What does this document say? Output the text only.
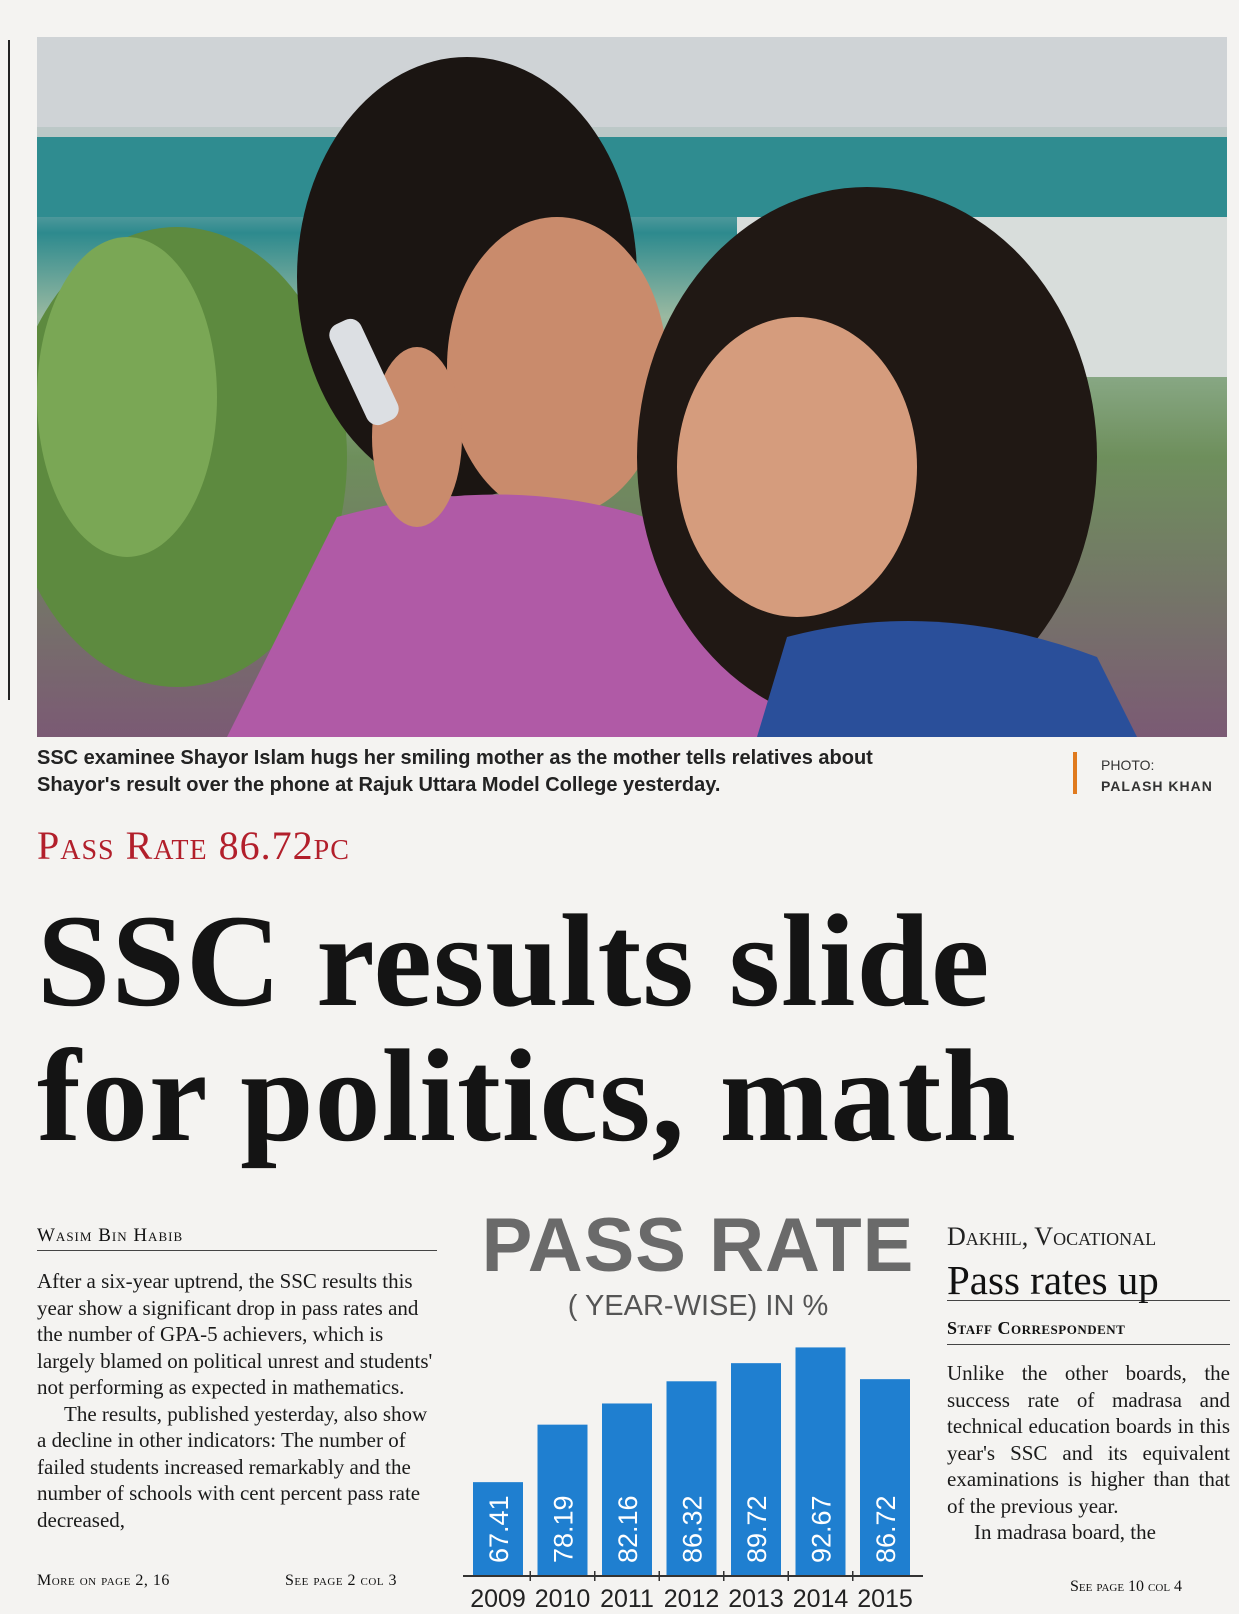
SSC examinee Shayor Islam hugs her smiling mother as the mother tells relatives about
Shayor's result over the phone at Rajuk Uttara Model College yesterday.
PHOTO:
PALASH KHAN
Pass Rate 86.72pc
SSC results slide
for politics, math
Wasim Bin Habib

After a six-year uptrend, the SSC results this year show a significant drop in pass rates and the number of GPA-5 achievers, which is largely blamed on political unrest and students' not performing as expected in mathematics.

The results, published yesterday, also show a decline in other indicators: The number of failed students increased remarkably and the number of schools with cent percent pass rate decreased,

More on page 2, 16	See page 2 col 3
PASS RATE
( YEAR-WISE) IN %
67.41
2009
78.19
2010
82.16
2011
86.32
2012
89.72
2013
92.67
2014
86.72
2015
Dakhil, Vocational
Pass rates up
Staff Correspondent

Unlike the other boards, the success rate of madrasa and technical education boards in this year's SSC and its equivalent examinations is higher than that of the previous year.

In madrasa board, the

See page 10 col 4
